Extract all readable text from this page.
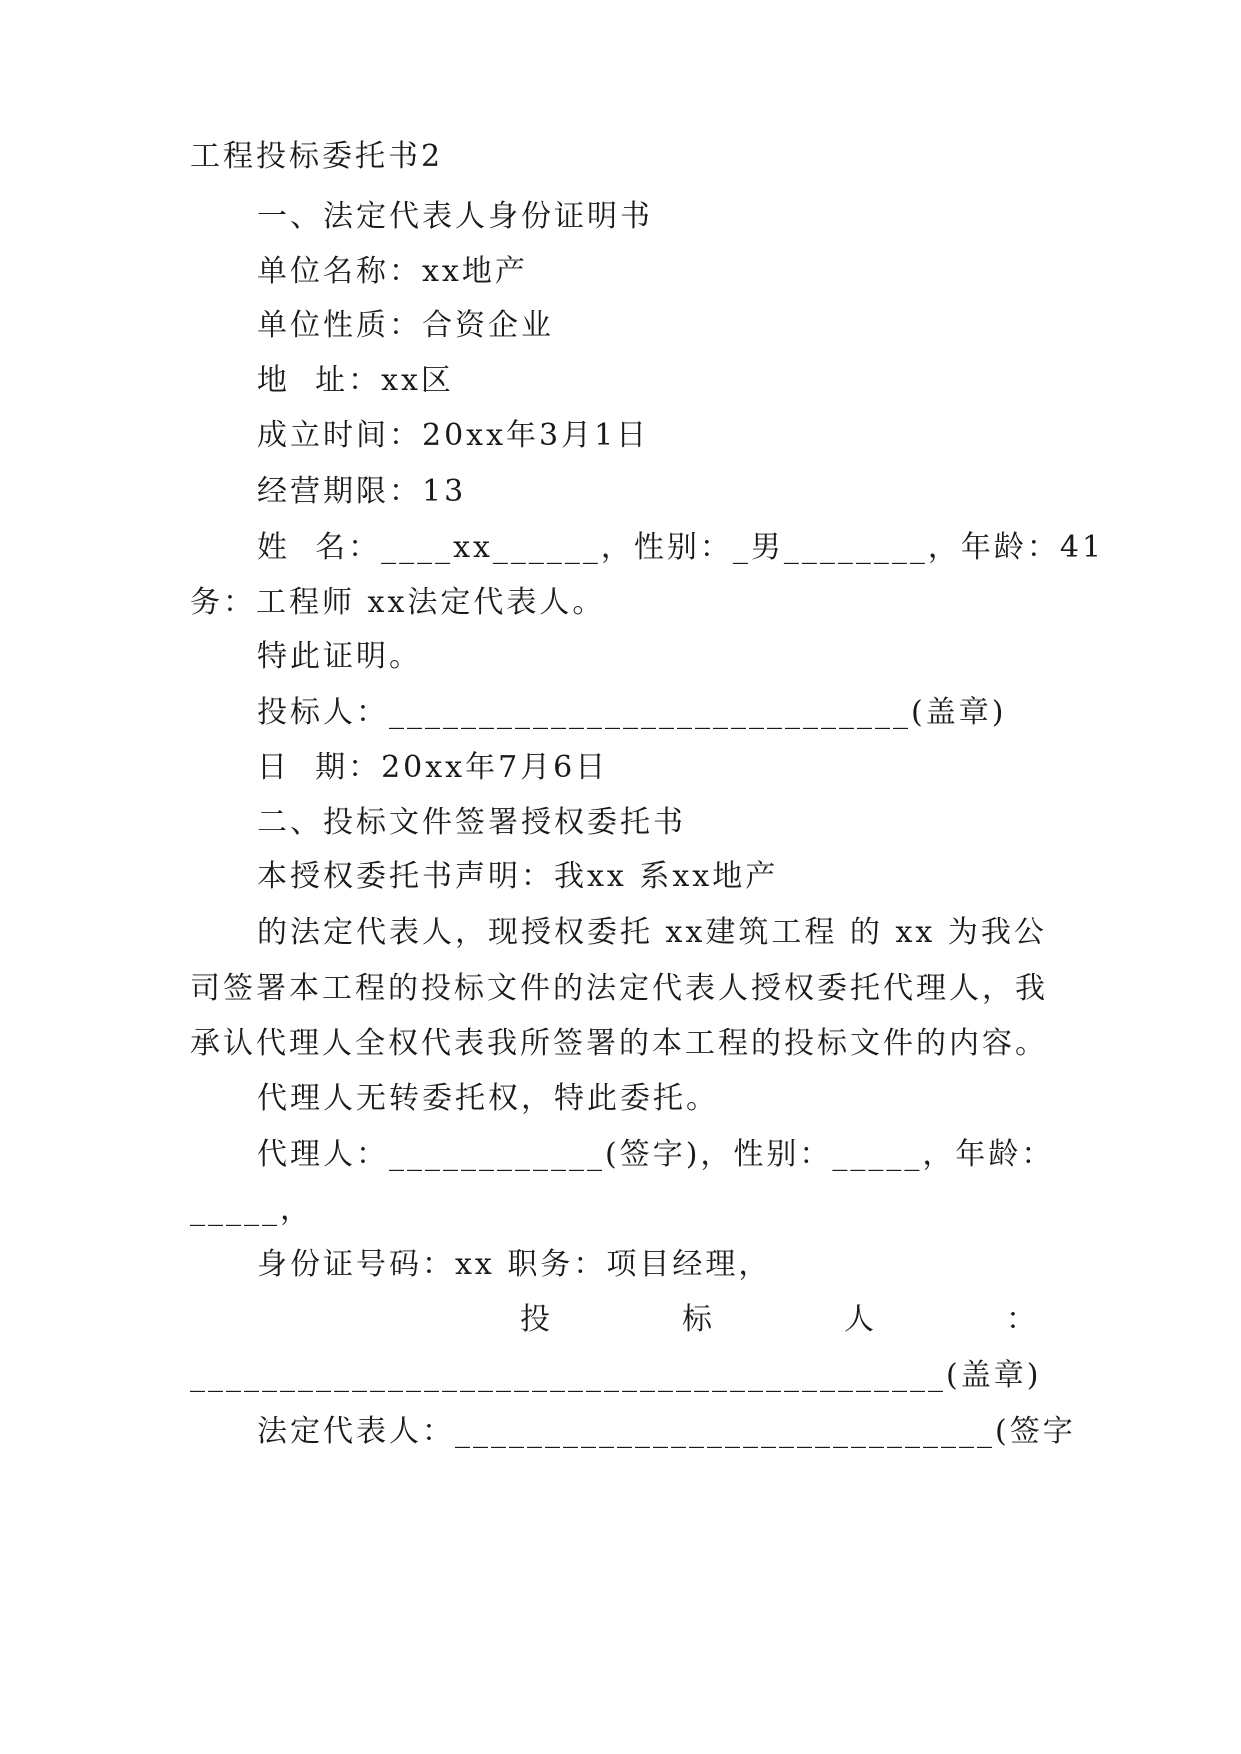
工程投标委托书2
一、法定代表人身份证明书
单位名称：xx地产
单位性质：合资企业
地  址：xx区
成立时间：20xx年3月1日
经营期限：13
姓  名：____xx______，性别：_男________，年龄：41
务：工程师 xx法定代表人。
特此证明。
投标人：_____________________________(盖章)
日  期：20xx年7月6日
二、投标文件签署授权委托书
本授权委托书声明：我xx 系xx地产
的法定代表人，现授权委托 xx建筑工程 的 xx 为我公
司签署本工程的投标文件的法定代表人授权委托代理人，我
承认代理人全权代表我所签署的本工程的投标文件的内容。
代理人无转委托权，特此委托。
代理人：____________(签字)，性别：_____，年龄：
_____，
身份证号码：xx 职务：项目经理，
投	标	人	：
__________________________________________(盖章)
法定代表人：______________________________(签字
